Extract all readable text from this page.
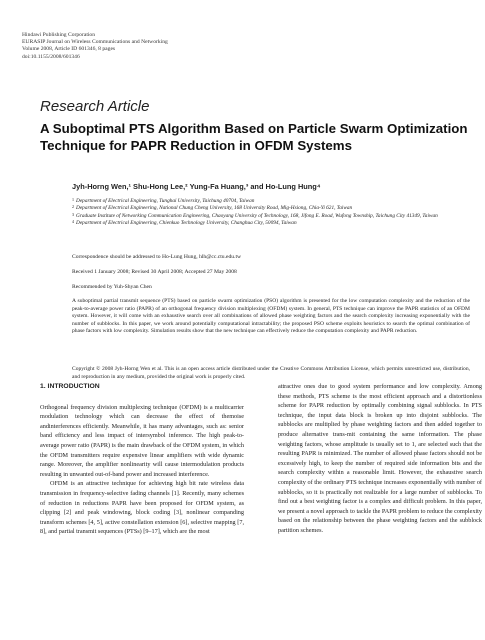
Hindawi Publishing Corporation
EURASIP Journal on Wireless Communications and Networking
Volume 2008, Article ID 601346, 8 pages
doi:10.1155/2008/601346
Research Article
A Suboptimal PTS Algorithm Based on Particle Swarm Optimization Technique for PAPR Reduction in OFDM Systems
Jyh-Horng Wen,¹ Shu-Hong Lee,² Yung-Fa Huang,³ and Ho-Lung Hung⁴
1 Department of Electrical Engineering, Tunghai University, Taichung 40704, Taiwan
2 Department of Electrical Engineering, National Chung Cheng University, 168 University Road, Mig-Hsiong, Chia-Yi 621, Taiwan
3 Graduate Institute of Networking Communication Engineering, Chaoyang University of Technology, 168, Jifong E. Road, Wufong Township, Taichung City 41349, Taiwan
4 Department of Electrical Engineering, Chienkuo Technology University, Changhua City, 50094, Taiwan
Correspondence should be addressed to Ho-Lung Hung, hlh@cc.ctu.edu.tw
Received 1 January 2008; Revised 30 April 2008; Accepted 27 May 2008
Recommended by Yuh-Shyan Chen
A suboptimal partial transmit sequence (PTS) based on particle swarm optimization (PSO) algorithm is presented for the low computation complexity and the reduction of the peak-to-average power ratio (PAPR) of an orthogonal frequency division multiplexing (OFDM) system. In general, PTS technique can improve the PAPR statistics of an OFDM system. However, it will come with an exhaustive search over all combinations of allowed phase weighting factors and the search complexity increasing exponentially with the number of subblocks. In this paper, we work around potentially computational intractability; the proposed PSO scheme exploits heuristics to search the optimal combination of phase factors with low complexity. Simulation results show that the new technique can effectively reduce the computation complexity and PAPR reduction.
Copyright © 2008 Jyh-Horng Wen et al. This is an open access article distributed under the Creative Commons Attribution License, which permits unrestricted use, distribution, and reproduction in any medium, provided the original work is properly cited.
1. INTRODUCTION

Orthogonal frequency division multiplexing technique (OFDM) is a multicarrier modulation technology which can decrease the effect of themoise andinterferences efficiently. Meanwhile, it has many advantages, such as: senior band efficiency and less impact of intersymbol inference. The high peak-to-average power ratio (PAPR) is the main drawback of the OFDM system, in which the OFDM transmitters require expensive linear amplifiers with wide dynamic range. Moreover, the amplifier nonlinearity will cause intermodulation products resulting in unwanted out-of-band power and increased interference.

OFDM is an attractive technique for achieving high bit rate wireless data transmission in frequency-selective fading channels [1]. Recently, many schemes of reduction in reductions PAPR have been proposed for OFDM system, as clipping [2] and peak windowing, block coding [3], nonlinear companding transform schemes [4, 5], active constellation extension [6], selective mapping [7, 8], and partial transmit sequences (PTSs) [9–17], which are the most

attractive ones due to good system performance and low complexity. Among these methods, PTS scheme is the most efficient approach and a distortionless scheme for PAPR reduction by optimally combining signal subblocks. In PTS technique, the input data block is broken up into disjoint subblocks. The subblocks are multiplied by phase weighting factors and then added together to produce alternative trans-mit containing the same information. The phase weighting factors, whose amplitude is usually set to 1, are selected such that the resulting PAPR is minimized. The number of allowed phase factors should not be excessively high, to keep the number of required side information bits and the search complexity within a reasonable limit. However, the exhaustive search complexity of the ordinary PTS technique increases exponentially with number of subblocks, so it is practically not realizable for a large number of subblocks. To find out a best weighting factor is a complex and difficult problem. In this paper, we present a novel approach to tackle the PAPR problem to reduce the complexity based on the relationship between the phase weighting factors and the subblock partition schemes.
